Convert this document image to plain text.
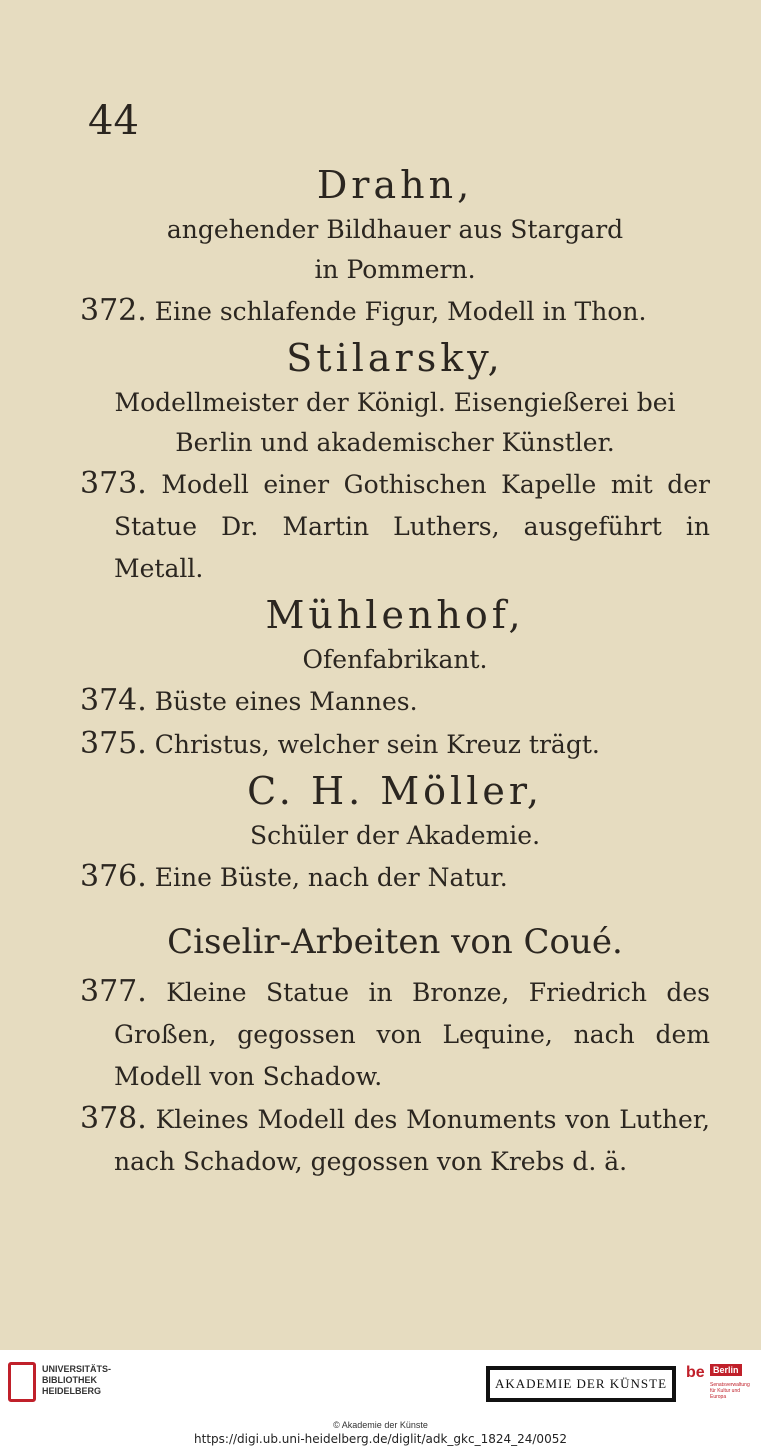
44

Drahn,

angehender Bildhauer aus Stargard

in Pommern.

372. Eine schlafende Figur, Modell in Thon.

Stilarsky,

Modellmeister der Königl. Eisengießerei bei

Berlin und akademischer Künstler.

373. Modell einer Gothischen Kapelle mit der Statue Dr. Martin Luthers, ausgeführt in Metall.

Mühlenhof,

Ofenfabrikant.

374. Büste eines Mannes.

375. Christus, welcher sein Kreuz trägt.

C. H. Möller,

Schüler der Akademie.

376. Eine Büste, nach der Natur.

Ciselir-Arbeiten von Coué.

377. Kleine Statue in Bronze, Friedrich des Großen, gegossen von Lequine, nach dem Modell von Schadow.

378. Kleines Modell des Monuments von Luther, nach Schadow, gegossen von Krebs d. ä.

UNIVERSITÄTS-
BIBLIOTHEK
HEIDELBERG	AKADEMIE DER KÜNSTE
be Berlin
Senatsverwaltung für Kultur und Europa
© Akademie der Künste
https://digi.ub.uni-heidelberg.de/diglit/adk_gkc_1824_24/0052
